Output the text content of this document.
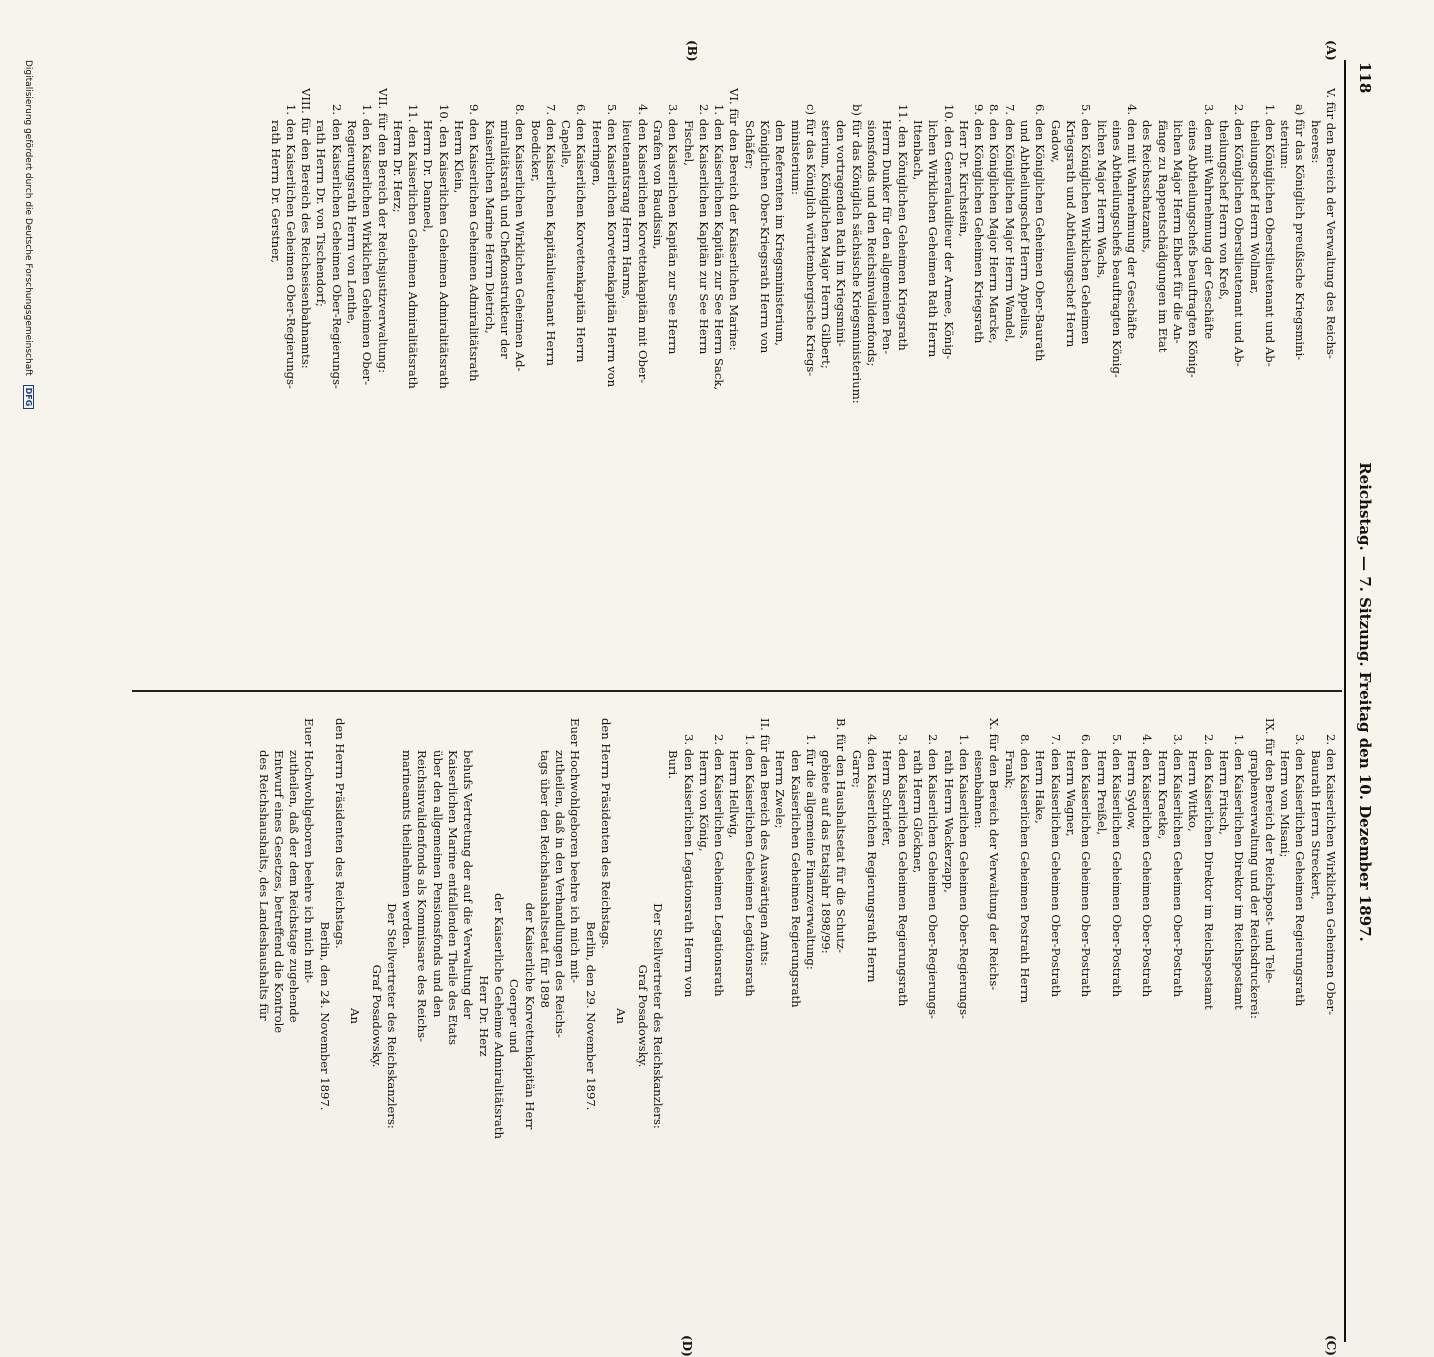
118
Reichstag. — 7. Sitzung. Freitag den 10. Dezember 1897.
(A)
(B)
(C)
(D)
V. für den Bereich der Verwaltung des Reichs-
heeres:
a) für das Königlich preußische Kriegsmini-
sterium:
1. den Königlichen Oberstlieutenant und Ab-
theilungschef Herrn Wollmar,
2. den Königlichen Oberstlieutenant und Ab-
theilungschef Herrn von Kreß,
3. den mit Wahrnehmung der Geschäfte
eines Abtheilungschefs beauftragten König-
lichen Major Herrn Ehbert für die An-
fänge zu Rappentschädigungen im Etat
des Reichsschatzamts,
4. den mit Wahrnehmung der Geschäfte
eines Abtheilungschefs beauftragten König-
lichen Major Herrn Wachs,
5. den Königlichen Wirklichen Geheimen
Kriegsrath und Abtheilungschef Herrn
Gadow,
6. den Königlichen Geheimen Ober-Baurath
und Abtheilungschef Herrn Appelius,
7. den Königlichen Major Herrn Wandel,
8. den Königlichen Major Herrn Marcke,
9. den Königlichen Geheimen Kriegsrath
Herr Dr. Kirchstein,
10. den Generalauditeur der Armee, König-
lichen Wirklichen Geheimen Rath Herrn
Ittenbach,
11. den Königlichen Geheimen Kriegsrath
Herrn Dunker für den allgemeinen Pen-
sionsfonds und den Reichsinvalidenfonds;
b) für das Königlich sächsische Kriegsministerium:
den vortragenden Rath im Kriegsmini-
sterium, Königlichen Major Herrn Gilbert;
c) für das Königlich württembergische Kriegs-
ministerium:
den Referenten im Kriegsministerium,
Königlichen Ober-Kriegsrath Herrn von
Schäfer;
VI. für den Bereich der Kaiserlichen Marine:
1. den Kaiserlichen Kapitän zur See Herrn Sack,
2. den Kaiserlichen Kapitän zur See Herrn
Fischel,
3. den Kaiserlichen Kapitän zur See Herrn
Grafen von Baudissin,
4. den Kaiserlichen Korvettenkapitän mit Ober-
lieutenantsrang Herrn Harms,
5. den Kaiserlichen Korvettenkapitän Herrn von
Heeringen,
6. den Kaiserlichen Korvettenkapitän Herrn
Capelle,
7. den Kaiserlichen Kapitänlieutenant Herrn
Boedicker,
8. den Kaiserlichen Wirklichen Geheimen Ad-
miralitätsrath und Chefkonstrukteur der
Kaiserlichen Marine Herrn Dietrich,
9. den Kaiserlichen Geheimen Admiralitätsrath
Herrn Klein,
10. den Kaiserlichen Geheimen Admiralitätsrath
Herrn Dr. Danneel,
11. den Kaiserlichen Geheimen Admiralitätsrath
Herrn Dr. Herz;
VII. für den Bereich der Reichsjustizverwaltung:
1. den Kaiserlichen Wirklichen Geheimen Ober-
Regierungsrath Herrn von Lenthe,
2. den Kaiserlichen Geheimen Ober-Regierungs-
rath Herrn Dr. von Tischendorf;
VIII. für den Bereich des Reichseisenbahnamts:
1. den Kaiserlichen Geheimen Ober-Regierungs-
rath Herrn Dr. Gerstner,
2. den Kaiserlichen Wirklichen Geheimen Ober-
Baurath Herrn Streckert,
3. den Kaiserlichen Geheimen Regierungsrath
Herrn von Misani;
IX. für den Bereich der Reichspost- und Tele-
graphenverwaltung und der Reichsdruckerei:
1. den Kaiserlichen Direktor im Reichspostamt
Herrn Fritsch,
2. den Kaiserlichen Direktor im Reichspostamt
Herrn Wittko,
3. den Kaiserlichen Geheimen Ober-Postrath
Herrn Kraetke,
4. den Kaiserlichen Geheimen Ober-Postrath
Herrn Sydow,
5. den Kaiserlichen Geheimen Ober-Postrath
Herrn Preißel,
6. den Kaiserlichen Geheimen Ober-Postrath
Herrn Wagner,
7. den Kaiserlichen Geheimen Ober-Postrath
Herrn Hake,
8. den Kaiserlichen Geheimen Postrath Herrn
Frank;
X. für den Bereich der Verwaltung der Reichs-
eisenbahnen:
1. den Kaiserlichen Geheimen Ober-Regierungs-
rath Herrn Wackerzapp,
2. den Kaiserlichen Geheimen Ober-Regierungs-
rath Herrn Glöckner,
3. den Kaiserlichen Geheimen Regierungsrath
Herrn Schriefer,
4. den Kaiserlichen Regierungsrath Herrn
Garre;
B. für den Haushaltsetat für die Schutz-
gebiete auf das Etatsjahr 1898/99:
1. für die allgemeine Finanzverwaltung:
den Kaiserlichen Geheimen Regierungsrath
Herrn Zwele;
II. für den Bereich des Auswärtigen Amts:
1. den Kaiserlichen Geheimen Legationsrath
Herrn Hellwig,
2. den Kaiserlichen Geheimen Legationsrath
Herrn von König,
3. den Kaiserlichen Legationsrath Herrn von
Buri.
Der Stellvertreter des Reichskanzlers:
Graf Posadowsky.
An
den Herrn Präsidenten des Reichstags.
Berlin, den 29. November 1897.
Euer Hochwohlgeboren beehre ich mich mit-
zutheilen, daß in den Verhandlungen des Reichs-
tags über den Reichshaushaltsetat für 1898
der Kaiserliche Korvettenkapitän Herr
Coerper und
der Kaiserliche Geheime Admiralitätsrath
Herr Dr. Herz
behufs Vertretung der auf die Verwaltung der
Kaiserlichen Marine entfallenden Theile des Etats
über den allgemeinen Pensionsfonds und den
Reichsinvalidenfonds als Kommissare des Reichs-
marineamts theilnehmen werden.
Der Stellvertreter des Reichskanzlers:
Graf Posadowsky.
An
den Herrn Präsidenten des Reichstags.
Berlin, den 24. November 1897.
Euer Hochwohlgeboren beehre ich mich mit-
zutheilen, daß der dem Reichstage zugehende
Entwurf eines Gesetzes, betreffend die Kontrole
des Reichshaushalts, des Landeshaushalts für
Digitalisierung gefördert durch die Deutsche Forschungsgemeinschaft DFG
